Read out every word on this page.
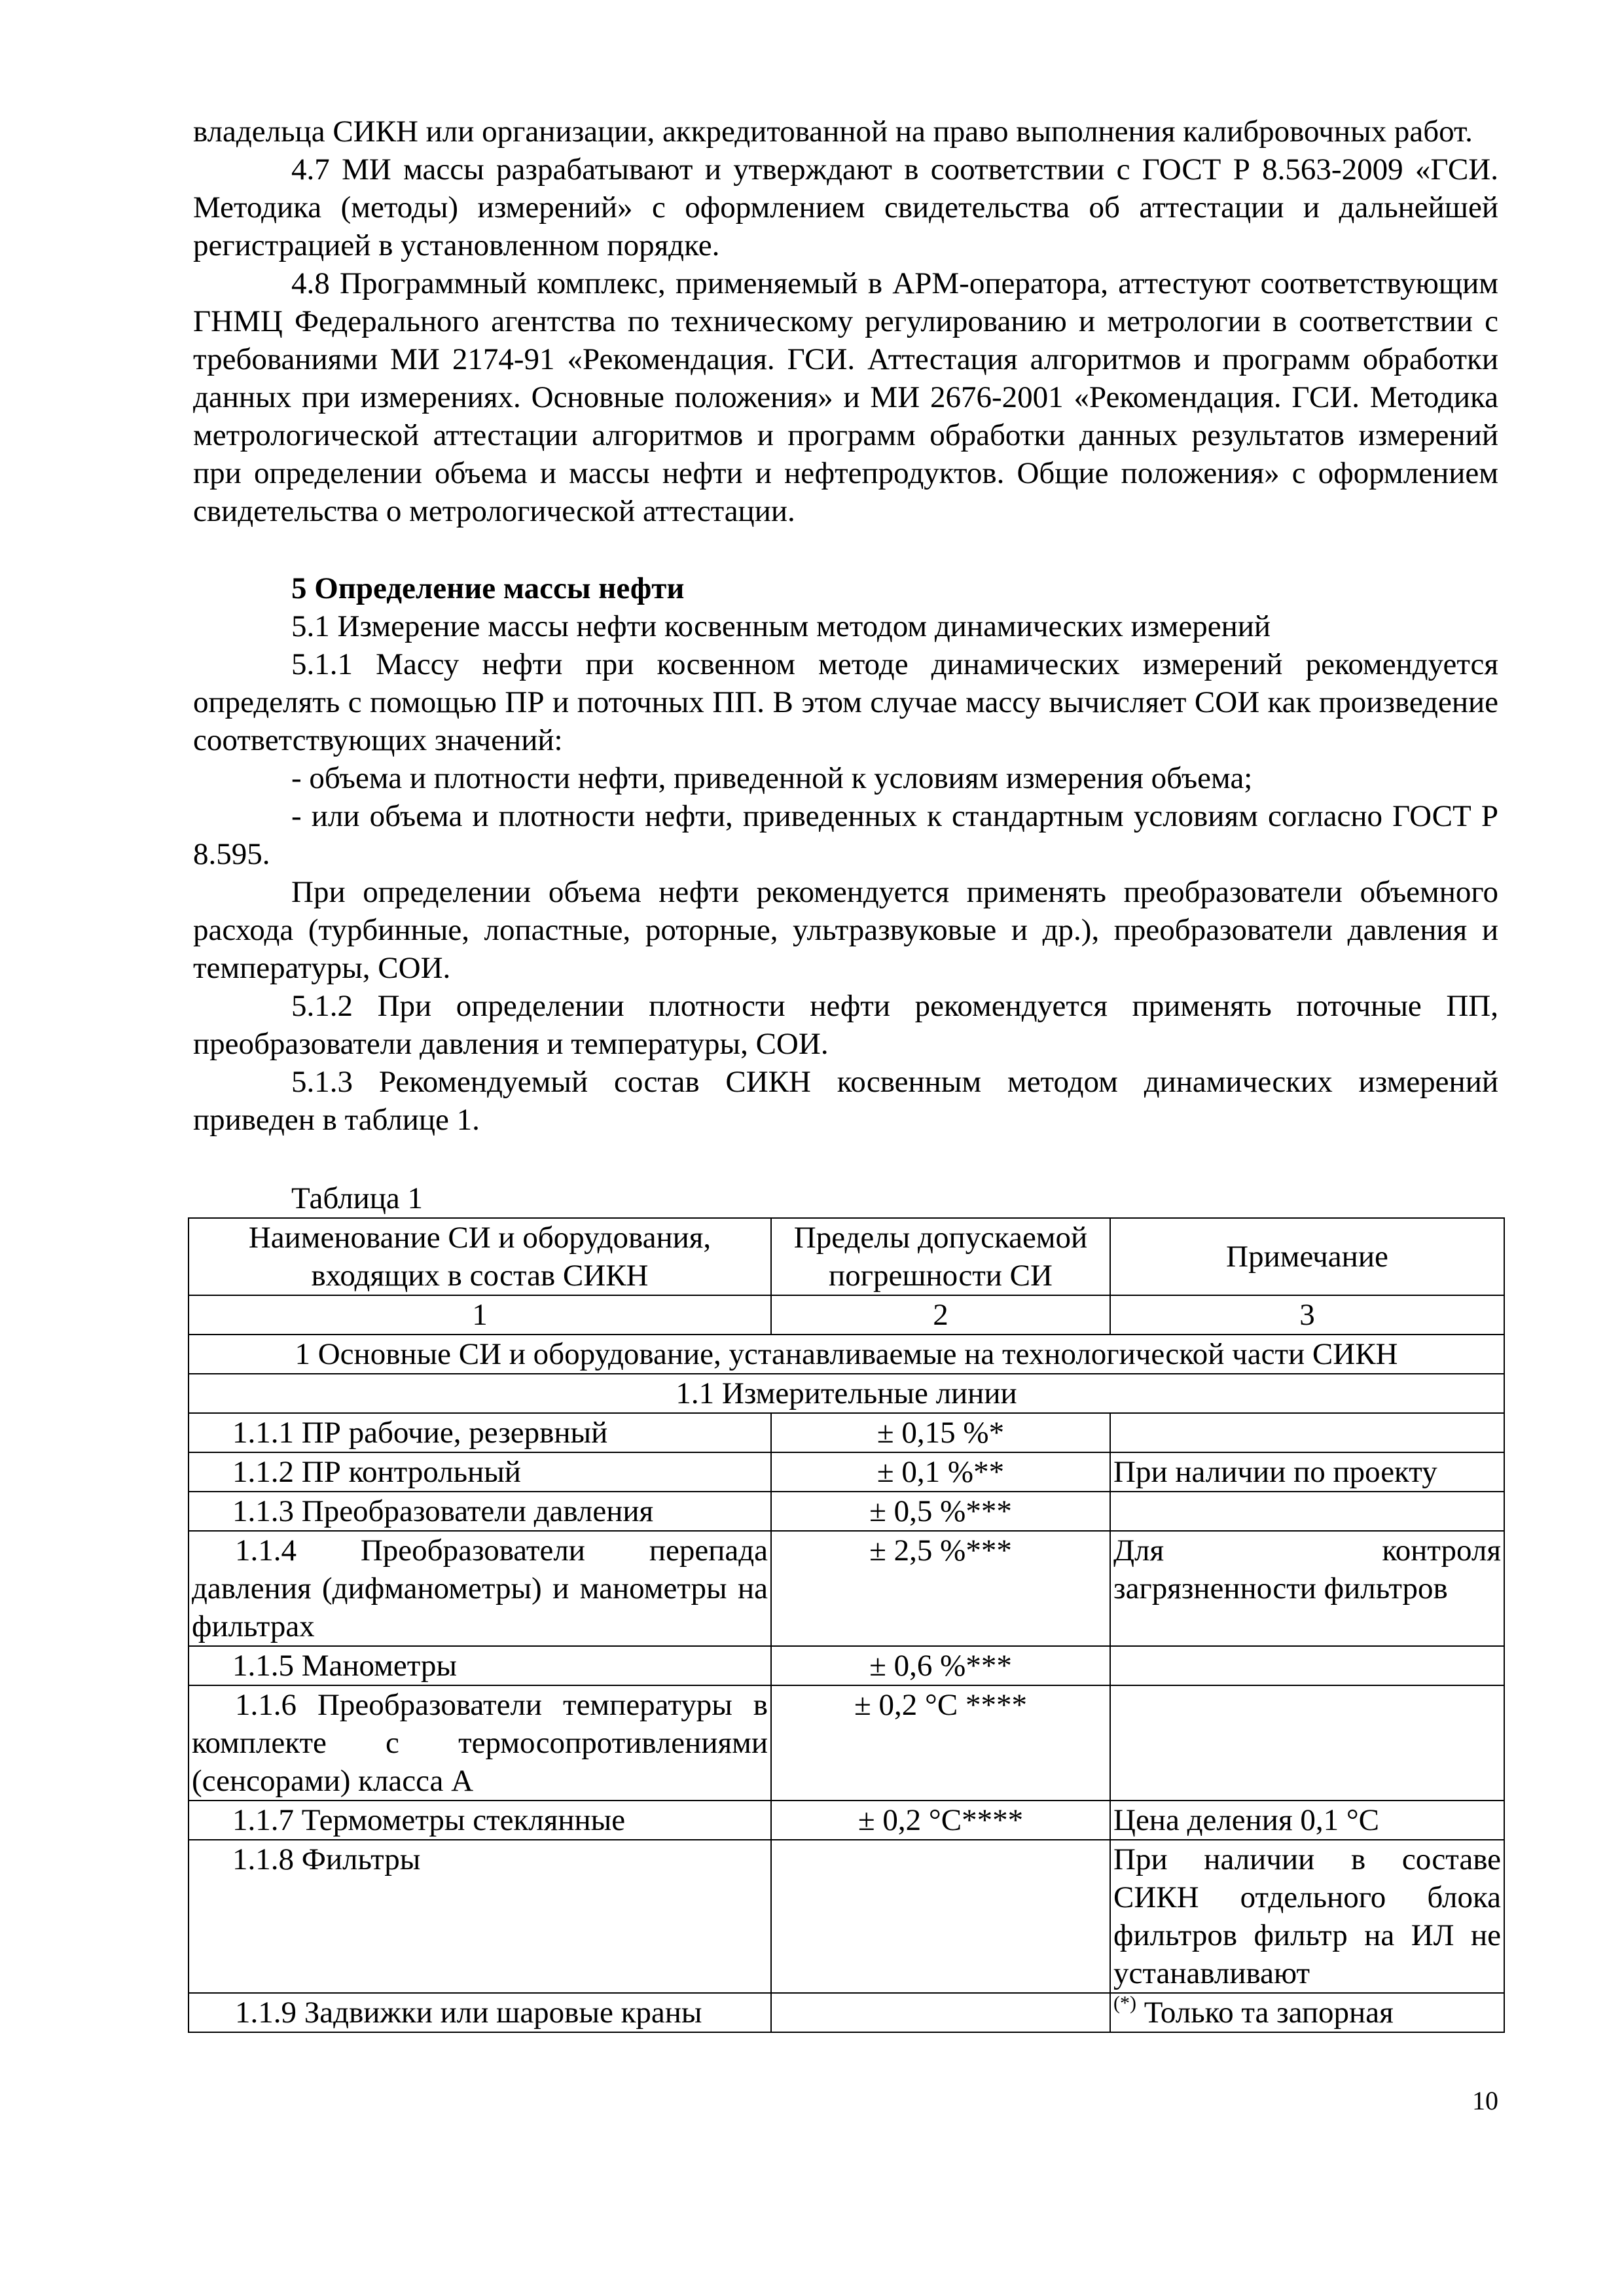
владельца СИКН или организации, аккредитованной на право выполнения калибровочных работ.

4.7 МИ массы разрабатывают и утверждают в соответствии с ГОСТ Р 8.563-2009 «ГСИ. Методика (методы) измерений» с оформлением свидетельства об аттестации и дальнейшей регистрацией в установленном порядке.

4.8 Программный комплекс, применяемый в АРМ-оператора, аттестуют соответствующим ГНМЦ Федерального агентства по техническому регулированию и метрологии в соответствии с требованиями МИ 2174-91 «Рекомендация. ГСИ. Аттестация алгоритмов и программ обработки данных при измерениях. Основные положения» и МИ 2676-2001 «Рекомендация. ГСИ. Методика метрологической аттестации алгоритмов и программ обработки данных результатов измерений при определении объема и массы нефти и нефтепродуктов. Общие положения» с оформлением свидетельства о метрологической аттестации.

5 Определение массы нефти

5.1 Измерение массы нефти косвенным методом динамических измерений

5.1.1 Массу нефти при косвенном методе динамических измерений рекомендуется определять с помощью ПР и поточных ПП. В этом случае массу вычисляет СОИ как произведение соответствующих значений:

- объема и плотности нефти, приведенной к условиям измерения объема;

- или объема и плотности нефти, приведенных к стандартным условиям согласно ГОСТ Р 8.595.

При определении объема нефти рекомендуется применять преобразователи объемного расхода (турбинные, лопастные, роторные, ультразвуковые и др.), преобразователи давления и температуры, СОИ.

5.1.2 При определении плотности нефти рекомендуется применять поточные ПП, преобразователи давления и температуры, СОИ.

5.1.3 Рекомендуемый состав СИКН косвенным методом динамических измерений приведен в таблице 1.

Таблица 1

Наименование СИ и оборудования, входящих в состав СИКН	Пределы допускаемой погрешности СИ	Примечание
1	2	3
1 Основные СИ и оборудование, устанавливаемые на технологической части СИКН		
1.1 Измерительные линии		
1.1.1 ПР рабочие, резервный	± 0,15 %*	
1.1.2 ПР контрольный	± 0,1 %**	При наличии по проекту
1.1.3 Преобразователи давления	± 0,5 %***	
1.1.4 Преобразователи перепада давления (дифманометры) и манометры на фильтрах	± 2,5 %***	Для контроля загрязненности фильтров
1.1.5 Манометры	± 0,6 %***	
1.1.6 Преобразователи температуры в комплекте с термосопротивлениями (сенсорами) класса А	± 0,2 °С ****	
1.1.7 Термометры стеклянные	± 0,2 °С****	Цена деления 0,1 °С
1.1.8 Фильтры		При наличии в составе СИКН отдельного блока фильтров фильтр на ИЛ не устанавливают
1.1.9 Задвижки или шаровые краны		(*) Только та запорная
10
